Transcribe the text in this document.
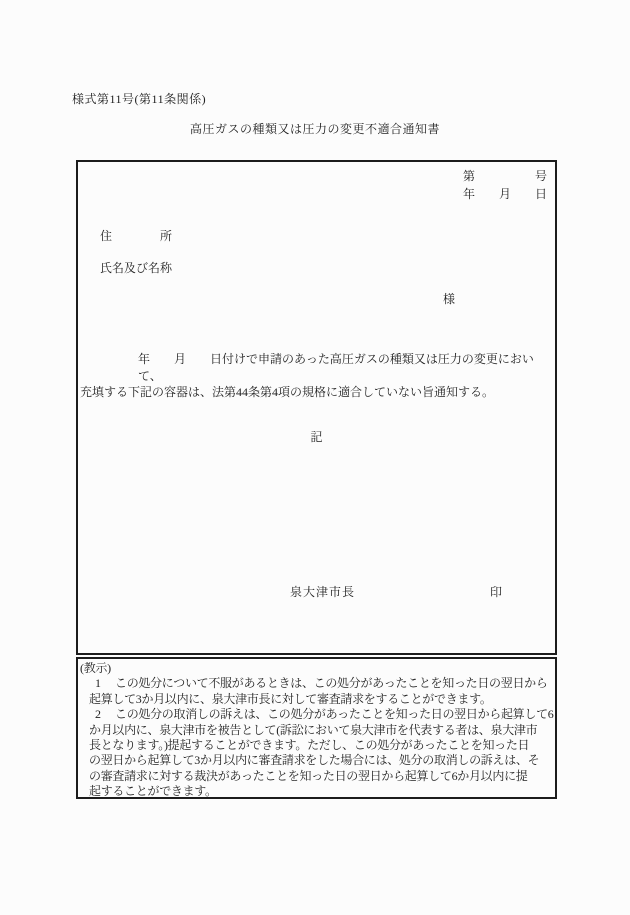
様式第11号(第11条関係)
高圧ガスの種類又は圧力の変更不適合通知書
第	号
年 月 日
住　　　　所
氏名及び名称
様
年　　月　　日付けで申請のあった高圧ガスの種類又は圧力の変更において、
充填する下記の容器は、法第44条第4項の規格に適合していない旨通知する。
記
泉大津市長	印
(教示)
1 この処分について不服があるときは、この処分があったことを知った日の翌日から
起算して3か月以内に、泉大津市長に対して審査請求をすることができます。
2 この処分の取消しの訴えは、この処分があったことを知った日の翌日から起算して6
か月以内に、泉大津市を被告として(訴訟において泉大津市を代表する者は、泉大津市
長となります。)提起することができます。ただし、この処分があったことを知った日
の翌日から起算して3か月以内に審査請求をした場合には、処分の取消しの訴えは、そ
の審査請求に対する裁決があったことを知った日の翌日から起算して6か月以内に提
起することができます。
